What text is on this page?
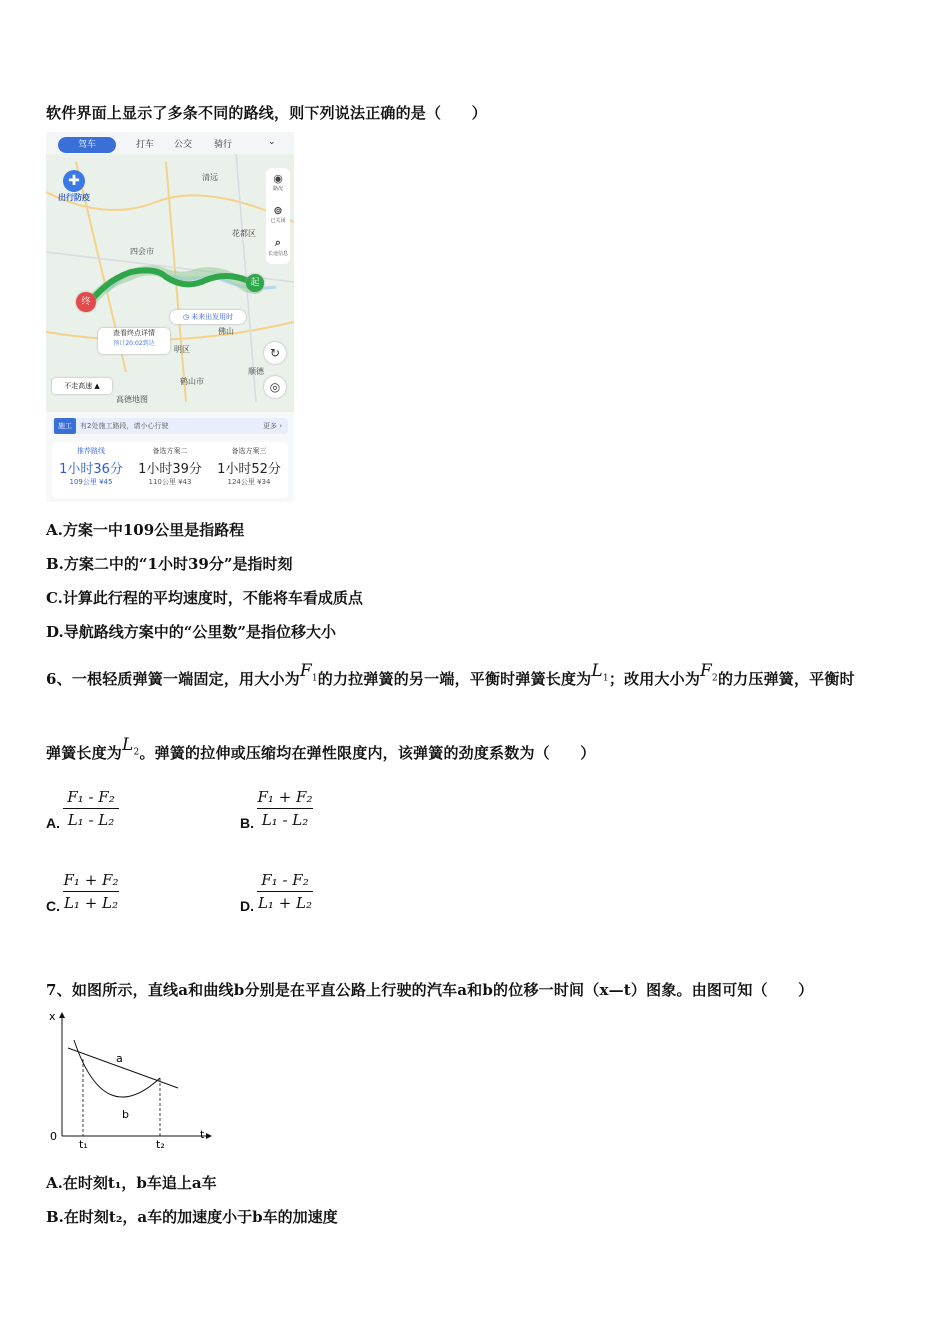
软件界面上显示了多条不同的路线，则下列说法正确的是（　　）
驾车	打车 公交 骑行	⌄
✚
出行防疫
◉
路况
⊚
已关闭
⌕
长途信息
清远
花都区
四会市
佛山
鹤山市
明区
顺德
高德地图
起
终
查看终点详情
预计20:02到达
◷ 未来出发用时
不走高速 ▲
↻
◎
施工 有2处施工路段，请小心行驶	更多 ›
推荐路线
1小时36分
109公里 ¥45
备选方案二
1小时39分
110公里 ¥43
备选方案三
1小时52分
124公里 ¥34
A.方案一中109公里是指路程
B.方案二中的“1小时39分”是指时刻
C.计算此行程的平均速度时，不能将车看成质点
D.导航路线方案中的“公里数”是指位移大小
6、一根轻质弹簧一端固定，用大小为$F_1$的力拉弹簧的另一端，平衡时弹簧长度为$L_1$；改用大小为$F_2$的力压弹簧，平衡时
弹簧长度为$L_2$。弹簧的拉伸或压缩均在弹性限度内，该弹簧的劲度系数为（　　）
A.
F₁ - F₂
L₁ - L₂	B.
F₁ + F₂
L₁ - L₂
C.
F₁ + F₂
L₁ + L₂	D.
F₁ - F₂
L₁ + L₂
7、如图所示，直线a和曲线b分别是在平直公路上行驶的汽车a和b的位移一时间（x—t）图象。由图可知（　　）
x
t
0
a
b
t₁	t₂
A.在时刻t₁，b车追上a车
B.在时刻t₂，a车的加速度小于b车的加速度
